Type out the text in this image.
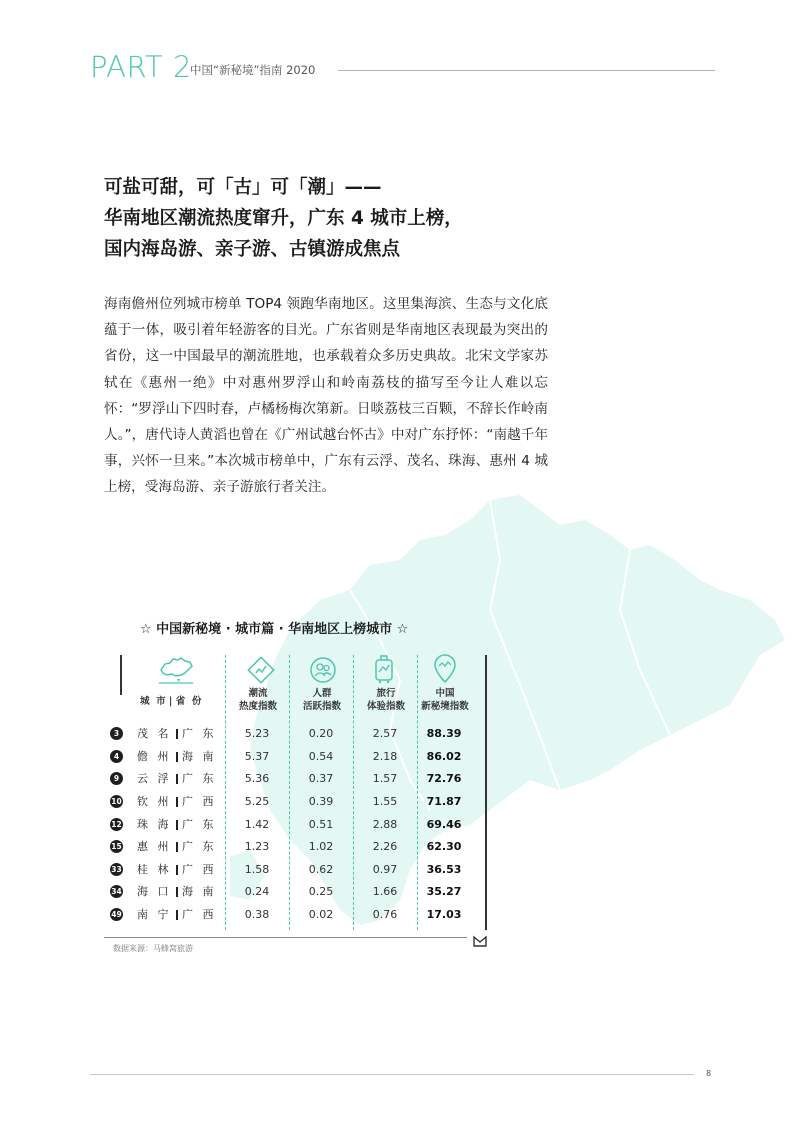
PART 2
中国“新秘境”指南 2020
可盐可甜，可「古」可「潮」——
华南地区潮流热度窜升，广东 4 城市上榜，
国内海岛游、亲子游、古镇游成焦点
海南儋州位列城市榜单 TOP4 领跑华南地区。这里集海滨、生态与文化底蕴于一体，吸引着年轻游客的目光。广东省则是华南地区表现最为突出的省份，这一中国最早的潮流胜地，也承载着众多历史典故。北宋文学家苏轼在《惠州一绝》中对惠州罗浮山和岭南荔枝的描写至今让人难以忘怀：“罗浮山下四时春，卢橘杨梅次第新。日啖荔枝三百颗，不辞长作岭南人。”，唐代诗人黄滔也曾在《广州试越台怀古》中对广东抒怀：“南越千年事，兴怀一旦来。”本次城市榜单中，广东有云浮、茂名、珠海、惠州 4 城上榜，受海岛游、亲子游旅行者关注。
☆ 中国新秘境 · 城市篇 · 华南地区上榜城市 ☆
城  市 | 省  份
潮流
热度指数
人群
活跃指数
旅行
体验指数
中国
新秘境指数
3	茂 名 广 东	5.23	0.20	2.57	88.39
4	儋 州 海 南	5.37	0.54	2.18	86.02
9	云 浮 广 东	5.36	0.37	1.57	72.76
10 钦 州 广 西	5.25	0.39	1.55	71.87
12 珠 海 广 东	1.42	0.51	2.88	69.46
15 惠 州 广 东	1.23	1.02	2.26	62.30
33 桂 林 广 西	1.58	0.62	0.97	36.53
34 海 口 海 南	0.24	0.25	1.66	35.27
49 南 宁 广 西	0.38	0.02	0.76	17.03
数据来源：马蜂窝旅游
8
